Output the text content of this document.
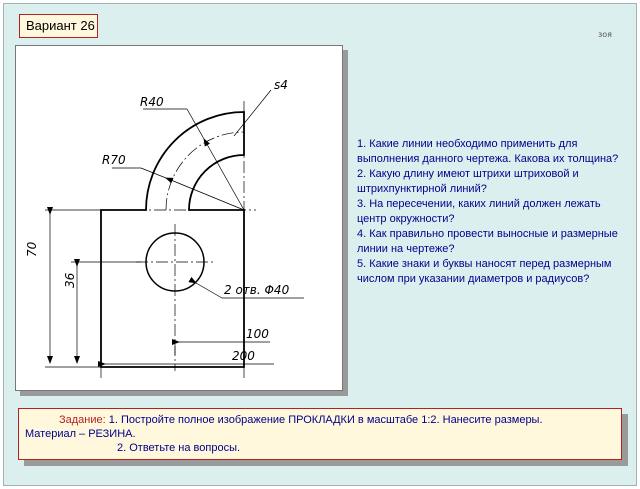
Вариант 26
зоя
R40
s4
R70
70
36
2 отв. Φ40
100
200
1. Какие линии необходимо применить для выполнения данного чертежа. Какова их толщина?
2. Какую длину имеют штрихи штриховой и штрихпунктирной линий?
3. На пересечении, каких линий должен лежать центр окружности?
4. Как правильно провести выносные и размерные линии на чертеже?
5. Какие знаки и буквы наносят перед размерным числом при указании диаметров и радиусов?
Задание: 1. Постройте полное изображение ПРОКЛАДКИ в масштабе 1:2. Нанесите размеры.
Материал – РЕЗИНА.
2. Ответьте на вопросы.
